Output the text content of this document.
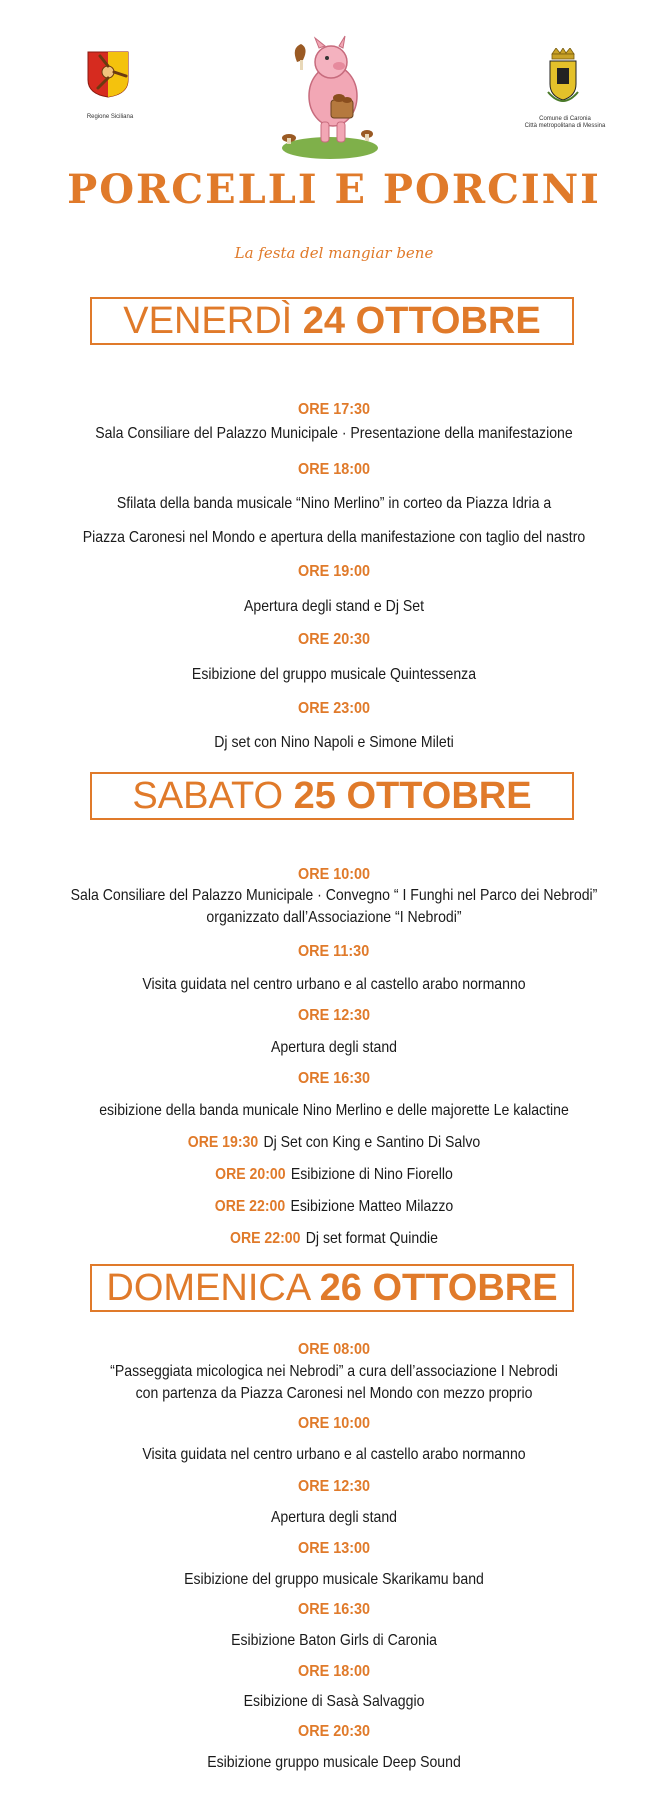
Regione Siciliana	Comune di Caronia
Città metropolitana di Messina
PORCELLI E PORCINI
La festa del mangiar bene
VENERDÌ 24 OTTOBRE
ORE 17:30
Sala Consiliare del Palazzo Municipale · Presentazione della manifestazione
ORE 18:00
Sfilata della banda musicale “Nino Merlino” in corteo da Piazza Idria a
Piazza Caronesi nel Mondo e apertura della manifestazione con taglio del nastro
ORE 19:00
Apertura degli stand e Dj Set
ORE 20:30
Esibizione del gruppo musicale Quintessenza
ORE 23:00
Dj set con Nino Napoli e Simone Mileti
SABATO 25 OTTOBRE
ORE 10:00
Sala Consiliare del Palazzo Municipale · Convegno “ I Funghi nel Parco dei Nebrodi”
organizzato dall’Associazione “I Nebrodi”
ORE 11:30
Visita guidata nel centro urbano e al castello arabo normanno
ORE 12:30
Apertura degli stand
ORE 16:30
esibizione della banda municale Nino Merlino e delle majorette Le kalactine
ORE 19:30 Dj Set con King e Santino Di Salvo
ORE 20:00 Esibizione di Nino Fiorello
ORE 22:00 Esibizione Matteo Milazzo
ORE 22:00 Dj set format Quindie
DOMENICA 26 OTTOBRE
ORE 08:00
“Passeggiata micologica nei Nebrodi” a cura dell’associazione I Nebrodi
con partenza da Piazza Caronesi nel Mondo con mezzo proprio
ORE 10:00
Visita guidata nel centro urbano e al castello arabo normanno
ORE 12:30
Apertura degli stand
ORE 13:00
Esibizione del gruppo musicale Skarikamu band
ORE 16:30
Esibizione Baton Girls di Caronia
ORE 18:00
Esibizione di Sasà Salvaggio
ORE 20:30
Esibizione gruppo musicale Deep Sound
